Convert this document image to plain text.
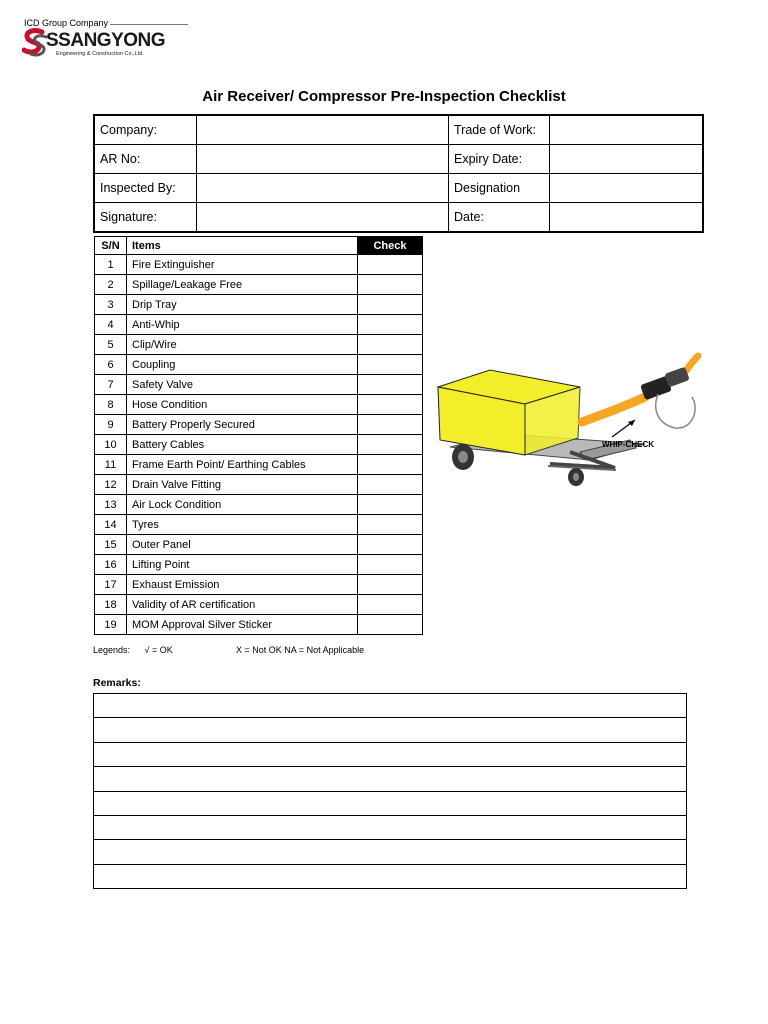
ICD Group Company
SSANGYONG
Engineering & Construction Co.,Ltd.
Air Receiver/ Compressor Pre-Inspection Checklist
Company:		Trade of Work:	
AR No:		Expiry Date:	
Inspected By:		Designation	
Signature:		Date:	
S/N	Items	Check
1	Fire Extinguisher	
2	Spillage/Leakage Free	
3	Drip Tray	
4	Anti-Whip	
5	Clip/Wire	
6	Coupling	
7	Safety Valve	
8	Hose Condition	
9	Battery Properly Secured	
10	Battery Cables	
11	Frame Earth Point/ Earthing Cables	
12	Drain Valve Fitting	
13	Air Lock Condition	
14	Tyres	
15	Outer Panel	
16	Lifting Point	
17	Exhaust Emission	
18	Validity of AR certification	
19	MOM Approval Silver Sticker	
WHIP-CHECK
Legends: √ = OK	X = Not OK NA = Not Applicable
Remarks:
